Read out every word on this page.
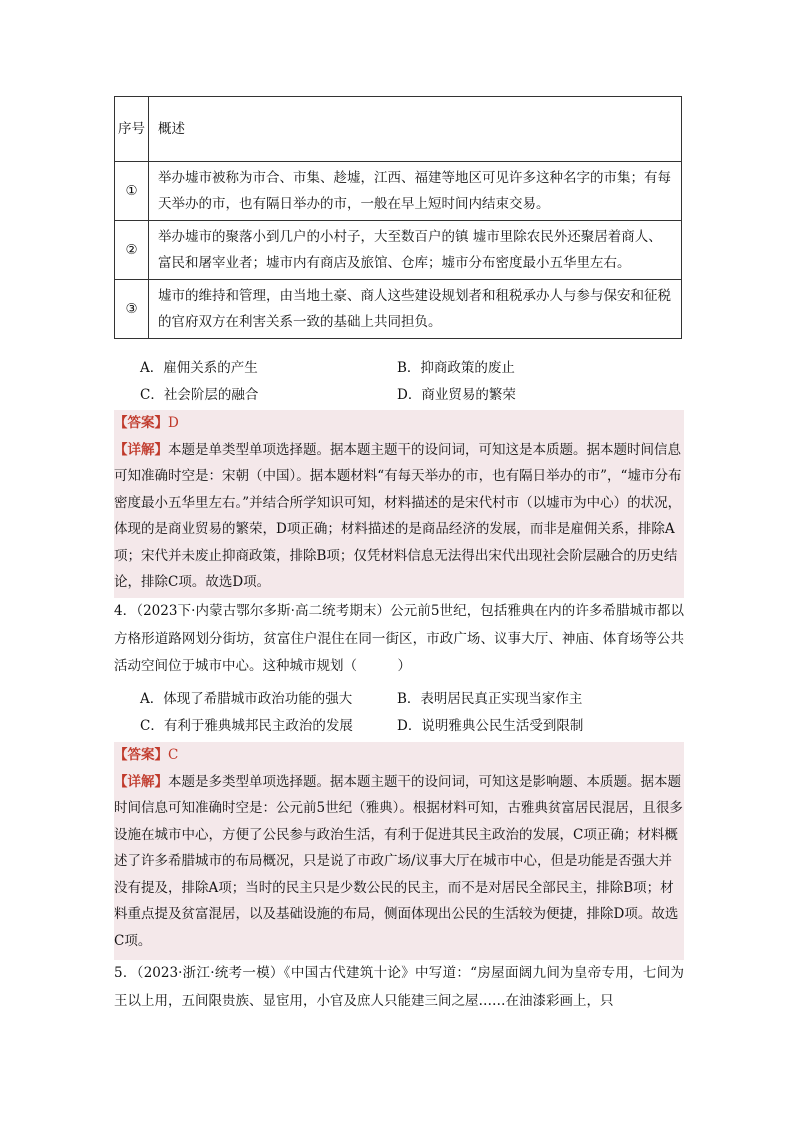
序号	概述
①	举办墟市被称为市合、市集、趁墟，江西、福建等地区可见许多这种名字的市集；有每天举办的市，也有隔日举办的市，一般在早上短时间内结束交易。
②	举办墟市的聚落小到几户的小村子，大至数百户的镇 墟市里除农民外还聚居着商人、富民和屠宰业者；墟市内有商店及旅馆、仓库；墟市分布密度最小五华里左右。
③	墟市的维持和管理，由当地土豪、商人这些建设规划者和租税承办人与参与保安和征税的官府双方在利害关系一致的基础上共同担负。
A．雇佣关系的产生	B．抑商政策的废止
C．社会阶层的融合	D．商业贸易的繁荣

【答案】D

【详解】本题是单类型单项选择题。据本题主题干的设问词，可知这是本质题。据本题时间信息可知准确时空是：宋朝（中国）。据本题材料“有每天举办的市，也有隔日举办的市”，“墟市分布密度最小五华里左右。”并结合所学知识可知，材料描述的是宋代村市（以墟市为中心）的状况，体现的是商业贸易的繁荣，D项正确；材料描述的是商品经济的发展，而非是雇佣关系，排除A项；宋代并未废止抑商政策，排除B项；仅凭材料信息无法得出宋代出现社会阶层融合的历史结论，排除C项。故选D项。

4．（2023下·内蒙古鄂尔多斯·高二统考期末）公元前5世纪，包括雅典在内的许多希腊城市都以方格形道路网划分街坊，贫富住户混住在同一街区，市政广场、议事大厅、神庙、体育场等公共活动空间位于城市中心。这种城市规划（　　　）
A．体现了希腊城市政治功能的强大	B．表明居民真正实现当家作主
C．有利于雅典城邦民主政治的发展	D．说明雅典公民生活受到限制

【答案】C

【详解】本题是多类型单项选择题。据本题主题干的设问词，可知这是影响题、本质题。据本题时间信息可知准确时空是：公元前5世纪（雅典）。根据材料可知，古雅典贫富居民混居，且很多设施在城市中心，方便了公民参与政治生活，有利于促进其民主政治的发展，C项正确；材料概述了许多希腊城市的布局概况，只是说了市政广场/议事大厅在城市中心，但是功能是否强大并没有提及，排除A项；当时的民主只是少数公民的民主，而不是对居民全部民主，排除B项；材料重点提及贫富混居，以及基础设施的布局，侧面体现出公民的生活较为便捷，排除D项。故选C项。

5．（2023·浙江·统考一模）《中国古代建筑十论》中写道：“房屋面阔九间为皇帝专用，七间为王以上用，五间限贵族、显宦用，小官及庶人只能建三间之屋……在油漆彩画上，只
